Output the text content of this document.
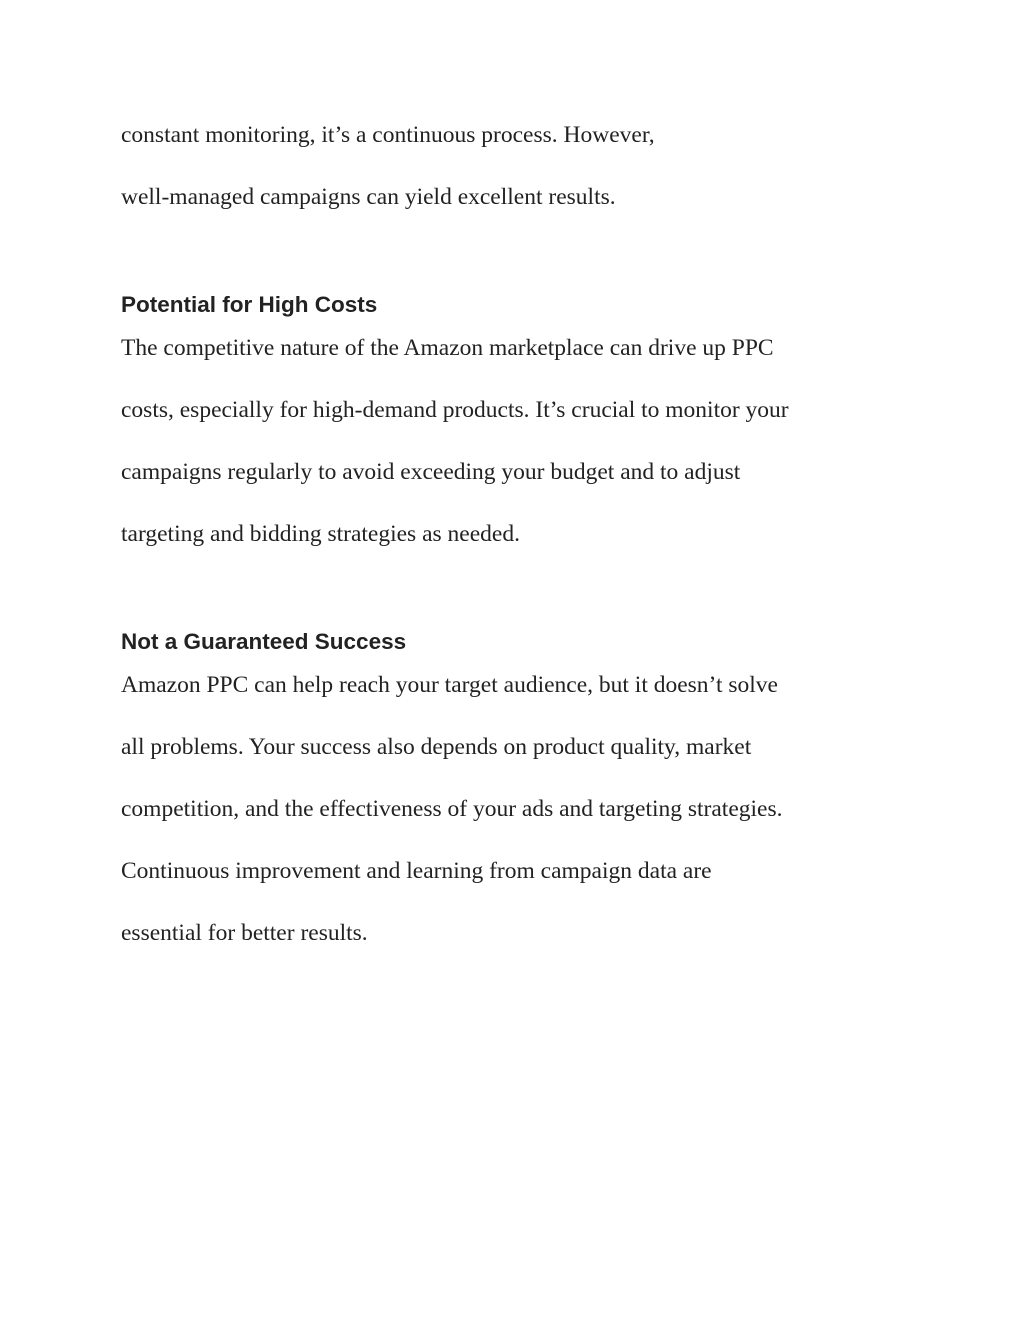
constant monitoring, it’s a continuous process. However,
well-managed campaigns can yield excellent results.
Potential for High Costs
The competitive nature of the Amazon marketplace can drive up PPC
costs, especially for high-demand products. It’s crucial to monitor your
campaigns regularly to avoid exceeding your budget and to adjust
targeting and bidding strategies as needed.
Not a Guaranteed Success
Amazon PPC can help reach your target audience, but it doesn’t solve
all problems. Your success also depends on product quality, market
competition, and the effectiveness of your ads and targeting strategies.
Continuous improvement and learning from campaign data are
essential for better results.
